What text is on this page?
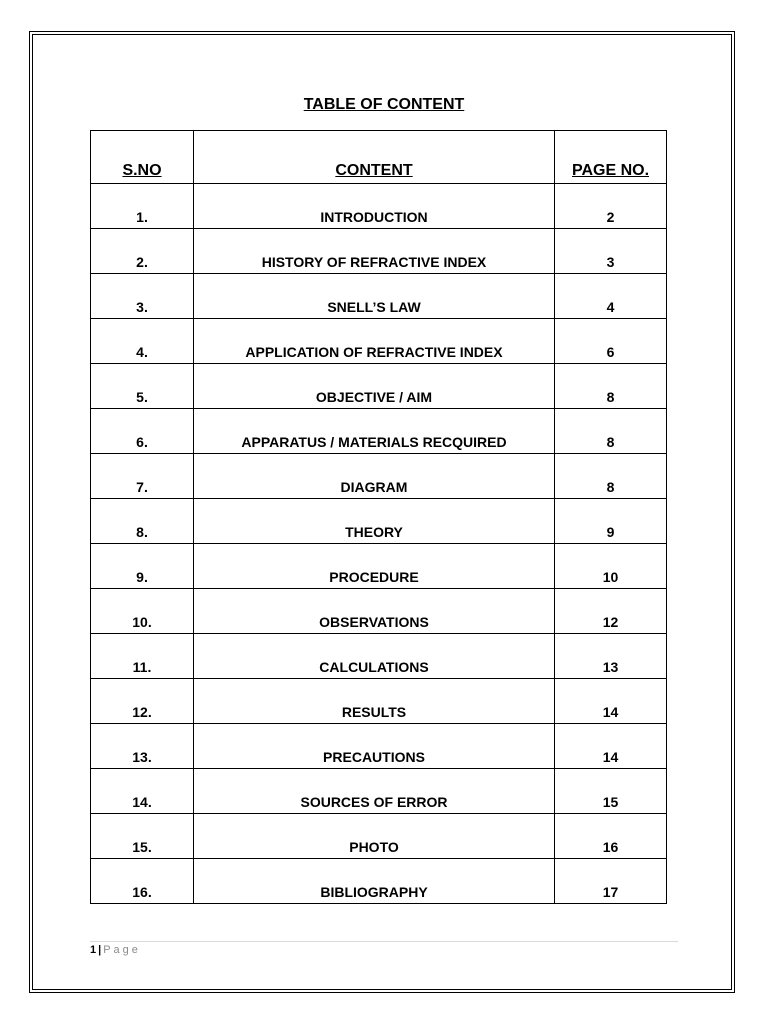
TABLE OF CONTENT
S.NO	CONTENT	PAGE NO.
1.	INTRODUCTION	2
2.	HISTORY OF REFRACTIVE INDEX	3
3.	SNELL’S LAW	4
4.	APPLICATION OF REFRACTIVE INDEX	6
5.	OBJECTIVE / AIM	8
6.	APPARATUS / MATERIALS RECQUIRED	8
7.	DIAGRAM	8
8.	THEORY	9
9.	PROCEDURE	10
10.	OBSERVATIONS	12
11.	CALCULATIONS	13
12.	RESULTS	14
13.	PRECAUTIONS	14
14.	SOURCES OF ERROR	15
15.	PHOTO	16
16.	BIBLIOGRAPHY	17
1 | Page
